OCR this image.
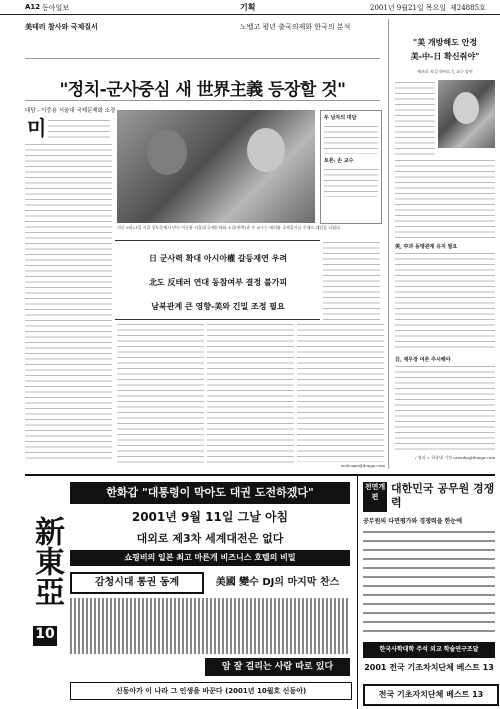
A12 동아일보	기획	2001년 9월21일 목요일 제24885호
美테러 참사와 국제질서	노벨고 평년 출국의제화 한국의 분석
"정치-군사중심 새 世界主義 등장할 것"
대담 - 이중용 서울대 국제문제화 소장
미
지난 9월21일 서울 상도동에서 만난 이중용 서울대 국제문제화 소장(왼쪽)과 손 교수는 테러와 국제질서를 주제로 대담을 나눴다.
두 남자의 대담
토론: 손 교수
日 군사력 확대 아시아權 갈등재연 우려
北도 反테러 연대 동참여부 결정 불가피
남북관계 큰 영향-美와 긴밀 조정 필요
welcome@donga.com
"美 개방해도 안정
美-中-日 확신줘야"
에즈라 보걸 하버드大 교수 강연
美, 中과 동맹관계 유지 필요
日, 재무장 여론 주시해야
/ 정리 = 하종대 기자 orionha@donga.com
新東亞
10
한화갑 "대통령이 막아도 대권 도전하겠다"
2001년 9월 11일 그날 아침
대외로 제3차 세계대전은 없다
쇼핑비의 일본 최고 마른개 비즈니스 호텔의 비밀
감청시대 통권 동계	美國 變수 DJ의 마지막 찬스
암 잘 걸리는 사람 따로 있다
신동아가 이 나라 그 인생을 바꾼다 (2001년 10월호 신동아)
전면개편
대한민국 공무원 경쟁력
공무원의 다면평가와 경쟁력을 한눈에
한국사학대학 주석 외교 학술연구조달
2001 전국 기조차치단체 베스트 13
전국 기초자치단체 베스트 13
